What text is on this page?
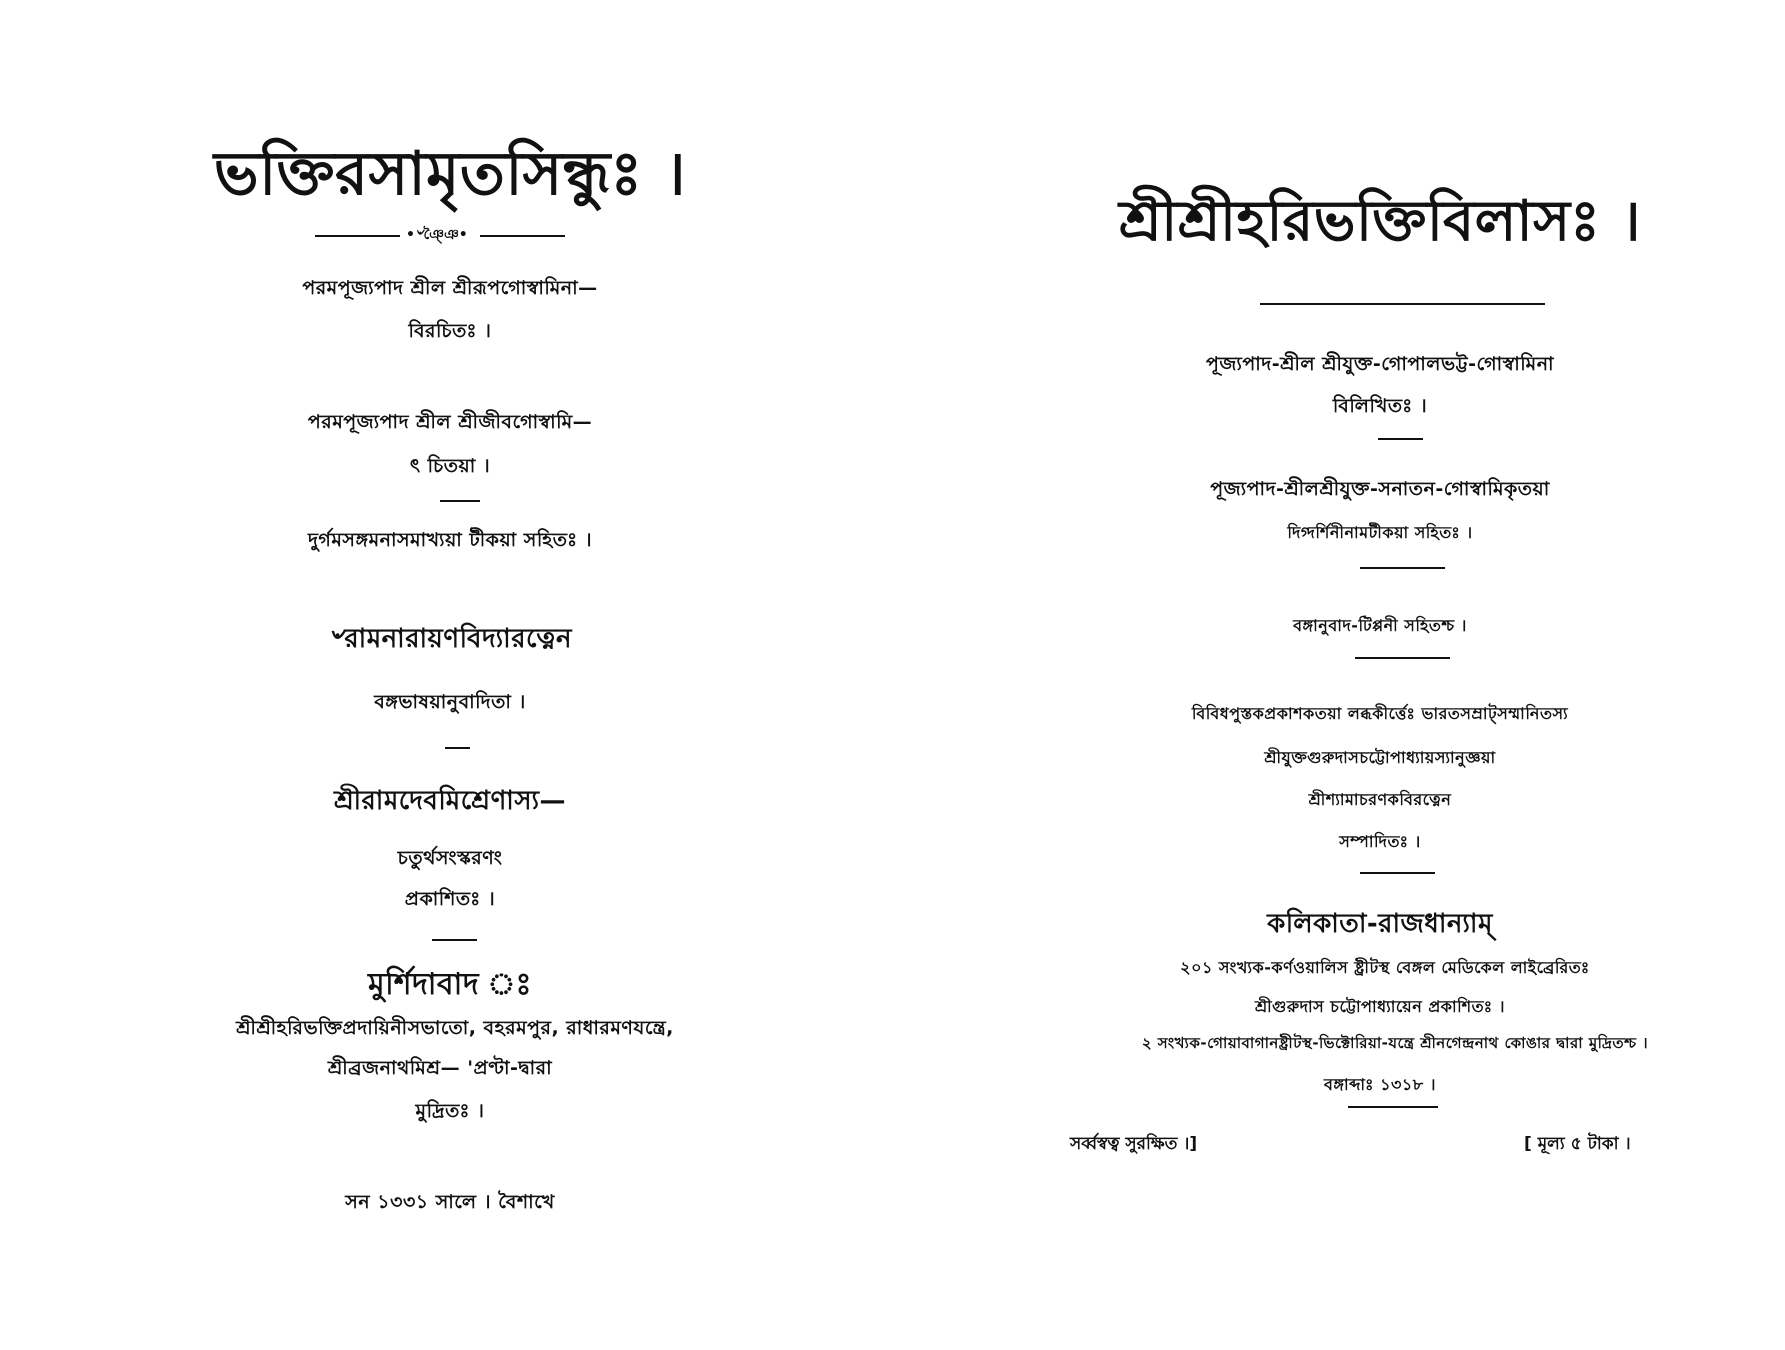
ভক্তিরসামৃতসিন্ধুঃ ।
•৺ঞ্ঞৈ•
পরমপূজ্যপাদ শ্রীল শ্রীরূপগোস্বামিনা—
বিরচিতঃ ।
পরমপূজ্যপাদ শ্রীল শ্রীজীবগোস্বামি—
ৎ চিতয়া ।
দুর্গমসঙ্গমনাসমাখ্যয়া টীকয়া সহিতঃ ।
৺রামনারায়ণবিদ্যারত্নেন
বঙ্গভাষয়ানুবাদিতা ।
শ্রীরামদেবমিশ্রেণাস্য—
চতুর্থসংস্করণং
প্রকাশিতঃ ।
মুর্শিদাবাদ ঃ
শ্রীশ্রীহরিভক্তিপ্রদায়িনীসভাতো, বহরমপুর, রাধারমণযন্ত্রে,
শ্রীব্রজনাথমিশ্র— 'প্রণ্টা-দ্বারা
মুদ্রিতঃ ।
সন ১৩৩১ সালে । বৈশাখে
শ্রীশ্রীহরিভক্তিবিলাসঃ ।
পূজ্যপাদ-শ্রীল শ্রীযুক্ত-গোপালভট্ট-গোস্বামিনা
বিলিখিতঃ ।
পূজ্যপাদ-শ্রীলশ্রীযুক্ত-সনাতন-গোস্বামিকৃতয়া
দিগ্দর্শিনীনামটীকয়া সহিতঃ ।
বঙ্গানুবাদ-টিপ্পনী সহিতশ্চ ।
বিবিধপুস্তকপ্রকাশকতয়া লব্ধকীর্ত্তেঃ ভারতসম্রাট্সম্মানিতস্য
শ্রীযুক্তগুরুদাসচট্টোপাধ্যায়স্যানুজ্ঞয়া
শ্রীশ্যামাচরণকবিরত্নেন
সম্পাদিতঃ ।
কলিকাতা-রাজধান্যাম্
২০১ সংখ্যক-কর্ণওয়ালিস ষ্ট্রীটস্থ বেঙ্গল মেডিকেল লাইব্রেরিতঃ
শ্রীগুরুদাস চট্টোপাধ্যায়েন প্রকাশিতঃ ।
২ সংখ্যক-গোয়াবাগানষ্ট্রীটস্থ-ভিক্টোরিয়া-যন্ত্রে শ্রীনগেন্দ্রনাথ কোঙার দ্বারা মুদ্রিতশ্চ ।
বঙ্গাব্দাঃ ১৩১৮ ।
সর্ব্বস্বত্ব সুরক্ষিত ।]	[ মূল্য ৫ টাকা ।
